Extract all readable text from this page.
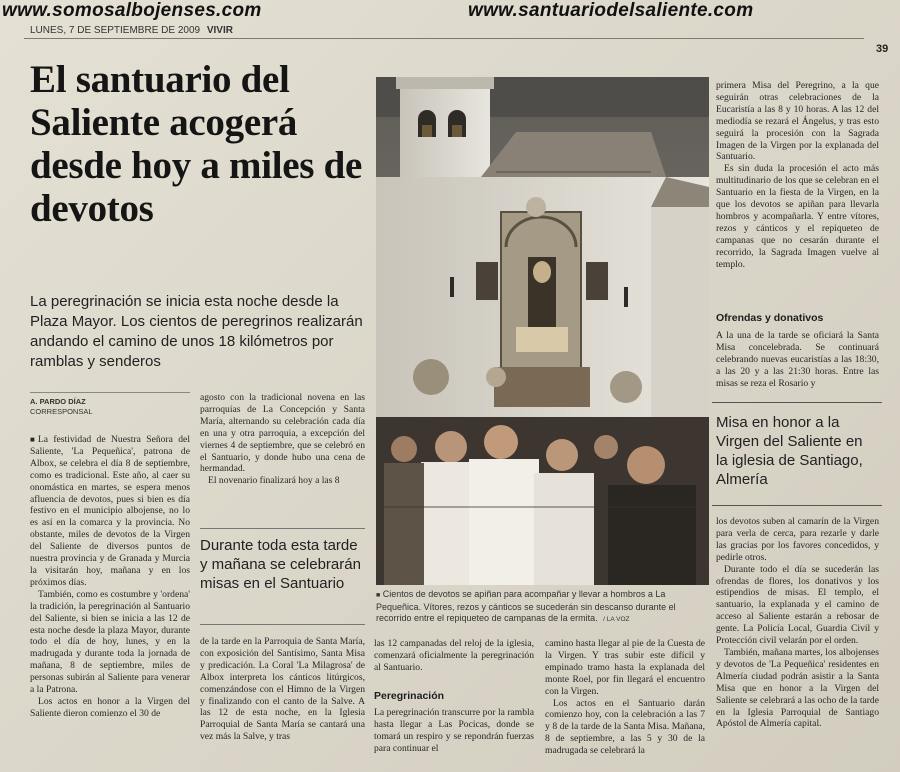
www.somosalbojenses.com	www.santuariodelsaliente.com
LUNES, 7 DE SEPTIEMBRE DE 2009 VIVIR
39
El santuario del Saliente acogerá desde hoy a miles de devotos
La peregrinación se inicia esta noche desde la Plaza Mayor. Los cientos de peregrinos realizarán andando el camino de unos 18 kilómetros por ramblas y senderos
A. PARDO DÍAZ
CORRESPONSAL

■ La festividad de Nuestra Señora del Saliente, 'La Pequeñica', patrona de Albox, se celebra el día 8 de septiembre, como es tradicional. Este año, al caer su onomástica en martes, se espera menos afluencia de devotos, pues si bien es día festivo en el municipio albojense, no lo es así en la comarca y la provincia. No obstante, miles de devotos de la Virgen del Saliente de diversos puntos de nuestra provincia y de Granada y Murcia la visitarán hoy, mañana y en los próximos días.

También, como es costumbre y 'ordena' la tradición, la peregrinación al Santuario del Saliente, si bien se inicia a las 12 de esta noche desde la plaza Mayor, durante todo el día de hoy, lunes, y en la madrugada y durante toda la jornada de mañana, 8 de septiembre, miles de personas subirán al Saliente para venerar a la Patrona.

Los actos en honor a la Virgen del Saliente dieron comienzo el 30 de

agosto con la tradicional novena en las parroquias de La Concepción y Santa María, alternando su celebración cada día en una y otra parroquia, a excepción del viernes 4 de septiembre, que se celebró en el Santuario, y donde hubo una cena de hermandad.

El novenario finalizará hoy a las 8

Durante toda esta tarde y mañana se celebrarán misas en el Santuario

de la tarde en la Parroquia de Santa María, con exposición del Santísimo, Santa Misa y predicación. La Coral 'La Milagrosa' de Albox interpreta los cánticos litúrgicos, comenzándose con el Himno de la Virgen y finalizando con el canto de la Salve. A las 12 de esta noche, en la Iglesia Parroquial de Santa María se cantará una vez más la Salve, y tras

■ Cientos de devotos se apiñan para acompañar y llevar a hombros a La Pequeñica. Vítores, rezos y cánticos se sucederán sin descanso durante el recorrido entre el repiqueteo de campanas de la ermita. / LA VOZ

las 12 campanadas del reloj de la iglesia, comenzará oficialmente la peregrinación al Santuario.

Peregrinación

La peregrinación transcurre por la rambla hasta llegar a Las Pocicas, donde se tomará un respiro y se repondrán fuerzas para continuar el

camino hasta llegar al pie de la Cuesta de la Virgen. Y tras subir este difícil y empinado tramo hasta la explanada del monte Roel, por fin llegará el encuentro con la Virgen.

Los actos en el Santuario darán comienzo hoy, con la celebración a las 7 y 8 de la tarde de la Santa Misa. Mañana, 8 de septiembre, a las 5 y 30 de la madrugada se celebrará la

primera Misa del Peregrino, a la que seguirán otras celebraciones de la Eucaristía a las 8 y 10 horas. A las 12 del mediodía se rezará el Ángelus, y tras esto seguirá la procesión con la Sagrada Imagen de la Virgen por la explanada del Santuario.

Es sin duda la procesión el acto más multitudinario de los que se celebran en el Santuario en la fiesta de la Virgen, en la que los devotos se apiñan para llevarla hombros y acompañarla. Y entre vítores, rezos y cánticos y el repiqueteo de campanas que no cesarán durante el recorrido, la Sagrada Imagen vuelve al templo.

Ofrendas y donativos

A la una de la tarde se oficiará la Santa Misa concelebrada. Se continuará celebrando nuevas eucaristías a las 18:30, a las 20 y a las 21:30 horas. Entre las misas se reza el Rosario y

Misa en honor a la Virgen del Saliente en la iglesia de Santiago, Almería

los devotos suben al camarín de la Virgen para verla de cerca, para rezarle y darle las gracias por los favores concedidos, y pedirle otros.

Durante todo el día se sucederán las ofrendas de flores, los donativos y los estipendios de misas. El templo, el santuario, la explanada y el camino de acceso al Saliente estarán a rebosar de gente. La Policía Local, Guardia Civil y Protección civil velarán por el orden.

También, mañana martes, los albojenses y devotos de 'La Pequeñica' residentes en Almería ciudad podrán asistir a la Santa Misa que en honor a la Virgen del Saliente se celebrará a las ocho de la tarde en la Iglesia Parroquial de Santiago Apóstol de Almería capital.
